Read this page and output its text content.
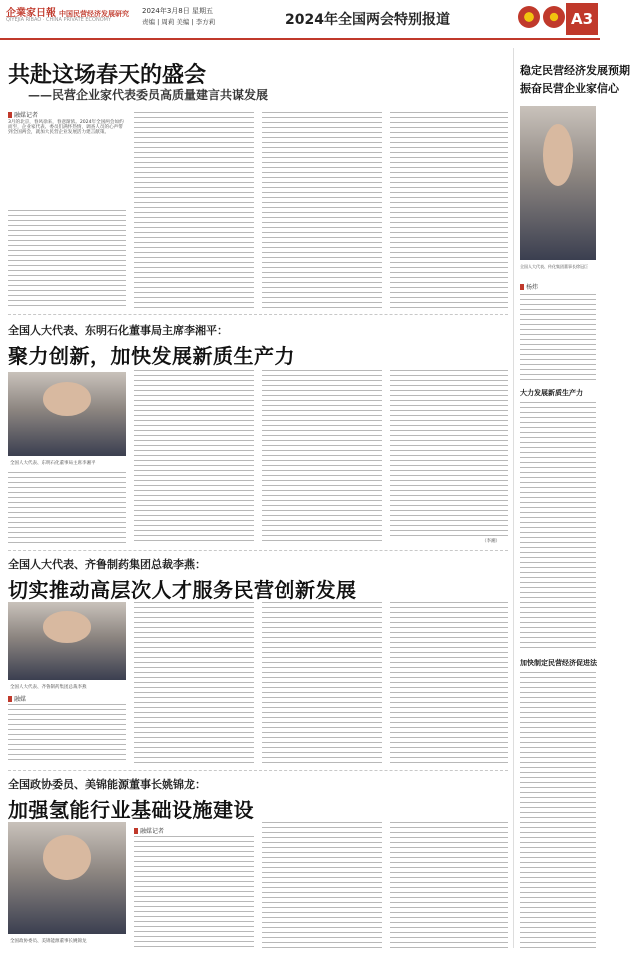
企業家日報 中国民营经济发展研究
QIYEJIA RIBAO · CHINA PRIVATE ECONOMY
2024年3月8日 星期五
责编 | 周莉 美编 | 李方莉	2024年全国两会特别报道	A3
共赴这场春天的盛会
——民营企业家代表委员高质量建言共谋发展
融媒记者
3月的北京，春风徐来，春意渐浓。2024年全国两会如约而至，企业家代表、委员们满怀热情，调查人员的心声带到全国两会，就加大民营企业发展活力建言献策。
全国人大代表、东明石化董事局主席李湘平：
聚力创新，加快发展新质生产力
全国人大代表、东明石化董事局主席李湘平
（李湘）
全国人大代表、齐鲁制药集团总裁李燕：
切实推动高层次人才服务民营创新发展
全国人大代表、齐鲁制药集团总裁李燕
融媒
全国政协委员、美锦能源董事长姚锦龙：
加强氢能行业基础设施建设
融媒记者
全国政协委员、美锦能源董事长姚锦龙
稳定民营经济发展预期
振奋民营企业家信心
全国人大代表、传化集团董事长徐冠巨
杨炜
大力发展新质生产力
加快制定民营经济促进法
